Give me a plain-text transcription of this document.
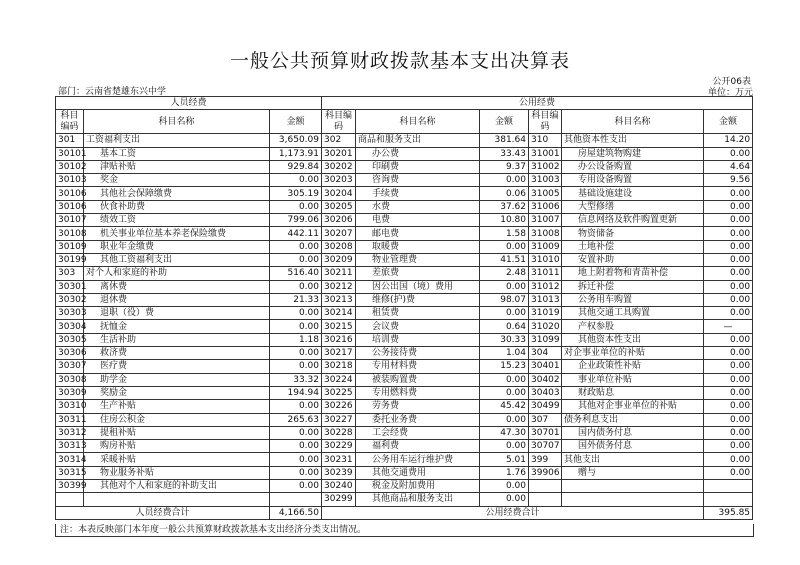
一般公共预算财政拨款基本支出决算表
公开06表
部门：云南省楚雄东兴中学	单位：万元
人员经费			公用经费					
科目编码	科目名称	金额	科目编码	科目名称	金额	科目编码	科目名称	金额
301	工资福利支出	3,650.09	302	商品和服务支出	381.64	310	其他资本性支出	14.20
30101	基本工资	1,173.91	30201	办公费	33.43	31001	房屋建筑物购建	0.00
30102	津贴补贴	929.84	30202	印刷费	9.37	31002	办公设备购置	4.64
30103	奖金	0.00	30203	咨询费	0.00	31003	专用设备购置	9.56
30106	其他社会保障缴费	305.19	30204	手续费	0.06	31005	基础设施建设	0.00
30106	伙食补助费	0.00	30205	水费	37.62	31006	大型修缮	0.00
30107	绩效工资	799.06	30206	电费	10.80	31007	信息网络及软件购置更新	0.00
30108	机关事业单位基本养老保险缴费	442.11	30207	邮电费	1.58	31008	物资储备	0.00
30109	职业年金缴费	0.00	30208	取暖费	0.00	31009	土地补偿	0.00
30199	其他工资福利支出	0.00	30209	物业管理费	41.51	31010	安置补助	0.00
303	对个人和家庭的补助	516.40	30211	差旅费	2.48	31011	地上附着物和青苗补偿	0.00
30301	离休费	0.00	30212	因公出国（境）费用	0.00	31012	拆迁补偿	0.00
30302	退休费	21.33	30213	维修(护)费	98.07	31013	公务用车购置	0.00
30303	退职（役）费	0.00	30214	租赁费	0.00	31019	其他交通工具购置	0.00
30304	抚恤金	0.00	30215	会议费	0.64	31020	产权参股	—
30305	生活补助	1.18	30216	培训费	30.33	31099	其他资本性支出	0.00
30306	救济费	0.00	30217	公务接待费	1.04	304	对企事业单位的补贴	0.00
30307	医疗费	0.00	30218	专用材料费	15.23	30401	企业政策性补贴	0.00
30308	助学金	33.32	30224	被装购置费	0.00	30402	事业单位补贴	0.00
30309	奖励金	194.94	30225	专用燃料费	0.00	30403	财政贴息	0.00
30310	生产补贴	0.00	30226	劳务费	45.42	30499	其他对企事业单位的补贴	0.00
30311	住房公积金	265.63	30227	委托业务费	0.00	307	债务利息支出	0.00
30312	提租补贴	0.00	30228	工会经费	47.30	30701	国内债务付息	0.00
30313	购房补贴	0.00	30229	福利费	0.00	30707	国外债务付息	0.00
30314	采暖补贴	0.00	30231	公务用车运行维护费	5.01	399	其他支出	0.00
30315	物业服务补贴	0.00	30239	其他交通费用	1.76	39906	赠与	0.00
30399	其他对个人和家庭的补助支出	0.00	30240	税金及附加费用	0.00			
			30299	其他商品和服务支出	0.00			
人员经费合计		4,166.50	公用经费合计					395.85
注：本表反映部门本年度一般公共预算财政拨款基本支出经济分类支出情况。
